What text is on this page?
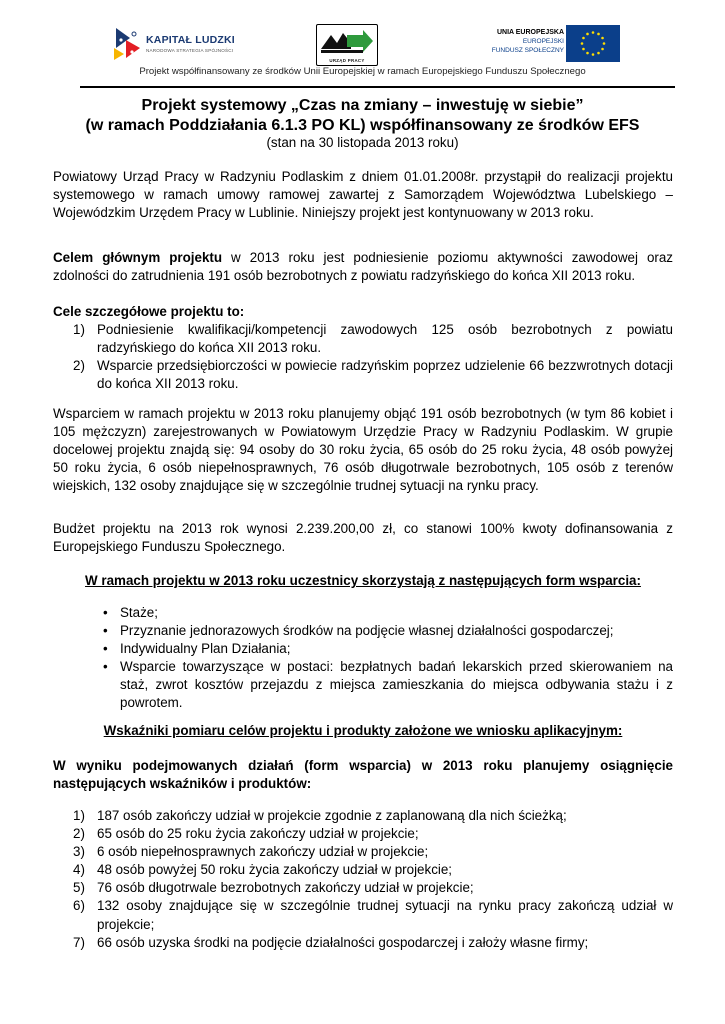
KAPITAŁ LUDZKI
NARODOWA STRATEGIA SPÓJNOŚCI
URZĄD PRACY
UNIA EUROPEJSKA
EUROPEJSKI
FUNDUSZ SPOŁECZNY
Projekt współfinansowany ze środków Unii Europejskiej w ramach Europejskiego Funduszu Społecznego
Projekt systemowy „Czas na zmiany – inwestuję w siebie”
(w ramach Poddziałania 6.1.3 PO KL) współfinansowany ze środków EFS
(stan na 30 listopada 2013 roku)

Powiatowy Urząd Pracy w Radzyniu Podlaskim z dniem 01.01.2008r. przystąpił do realizacji projektu systemowego w ramach umowy ramowej zawartej z Samorządem Województwa Lubelskiego – Wojewódzkim Urzędem Pracy w Lublinie. Niniejszy projekt jest kontynuowany w 2013 roku.

Celem głównym projektu w 2013 roku jest podniesienie poziomu aktywności zawodowej oraz zdolności do zatrudnienia 191 osób bezrobotnych z powiatu radzyńskiego do końca XII 2013 roku.

Cele szczegółowe projektu to:

1) Podniesienie kwalifikacji/kompetencji zawodowych 125 osób bezrobotnych z powiatu radzyńskiego do końca XII 2013 roku.
2) Wsparcie przedsiębiorczości w powiecie radzyńskim poprzez udzielenie 66 bezzwrotnych dotacji do końca XII 2013 roku.

Wsparciem w ramach projektu w 2013 roku planujemy objąć 191 osób bezrobotnych (w tym 86 kobiet i 105 mężczyzn) zarejestrowanych w Powiatowym Urzędzie Pracy w Radzyniu Podlaskim. W grupie docelowej projektu znajdą się: 94 osoby do 30 roku życia, 65 osób do 25 roku życia, 48 osób powyżej 50 roku życia, 6 osób niepełnosprawnych, 76 osób długotrwale bezrobotnych, 105 osób z terenów wiejskich, 132 osoby znajdujące się w szczególnie trudnej sytuacji na rynku pracy.

Budżet projektu na 2013 rok wynosi 2.239.200,00 zł, co stanowi 100% kwoty dofinansowania z Europejskiego Funduszu Społecznego.

W ramach projektu w 2013 roku uczestnicy skorzystają z następujących form wsparcia:
• Staże;
• Przyznanie jednorazowych środków na podjęcie własnej działalności gospodarczej;
• Indywidualny Plan Działania;
• Wsparcie towarzyszące w postaci: bezpłatnych badań lekarskich przed skierowaniem na staż, zwrot kosztów przejazdu z miejsca zamieszkania do miejsca odbywania stażu i z powrotem.
Wskaźniki pomiaru celów projektu i produkty założone we wniosku aplikacyjnym:

W wyniku podejmowanych działań (form wsparcia) w 2013 roku planujemy osiągnięcie następujących wskaźników i produktów:

1) 187 osób zakończy udział w projekcie zgodnie z zaplanowaną dla nich ścieżką;
2) 65 osób do 25 roku życia zakończy udział w projekcie;
3) 6 osób niepełnosprawnych zakończy udział w projekcie;
4) 48 osób powyżej 50 roku życia zakończy udział w projekcie;
5) 76 osób długotrwale bezrobotnych zakończy udział w projekcie;
6) 132 osoby znajdujące się w szczególnie trudnej sytuacji na rynku pracy zakończą udział w projekcie;
7) 66 osób uzyska środki na podjęcie działalności gospodarczej i założy własne firmy;
